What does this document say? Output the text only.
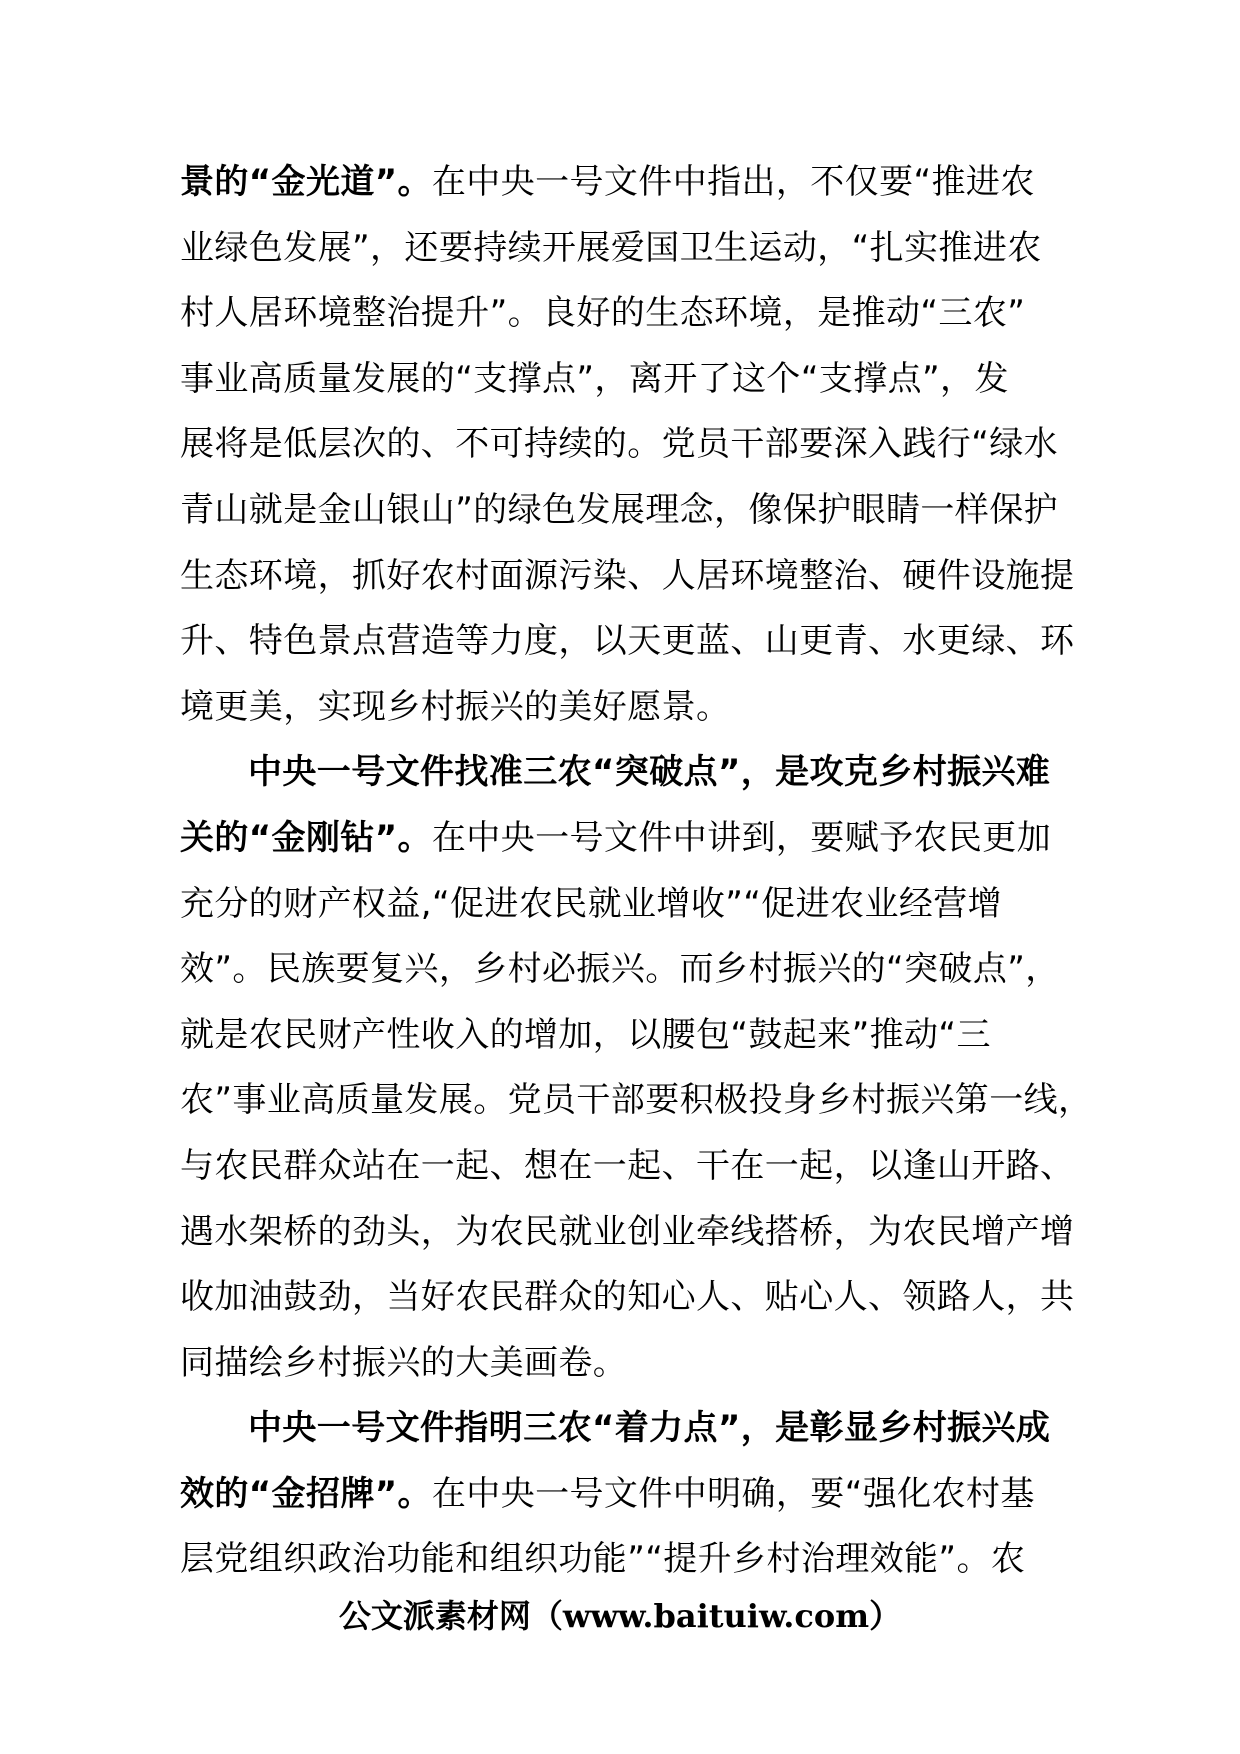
景的“金光道”。在中央一号文件中指出，不仅要“推进农
业绿色发展”，还要持续开展爱国卫生运动，“扎实推进农
村人居环境整治提升”。良好的生态环境，是推动“三农”
事业高质量发展的“支撑点”，离开了这个“支撑点”，发
展将是低层次的、不可持续的。党员干部要深入践行“绿水
青山就是金山银山”的绿色发展理念，像保护眼睛一样保护
生态环境，抓好农村面源污染、人居环境整治、硬件设施提
升、特色景点营造等力度，以天更蓝、山更青、水更绿、环
境更美，实现乡村振兴的美好愿景。
中央一号文件找准三农“突破点”，是攻克乡村振兴难
关的“金刚钻”。在中央一号文件中讲到，要赋予农民更加
充分的财产权益,“促进农民就业增收”“促进农业经营增
效”。民族要复兴，乡村必振兴。而乡村振兴的“突破点”，
就是农民财产性收入的增加，以腰包“鼓起来”推动“三
农”事业高质量发展。党员干部要积极投身乡村振兴第一线，
与农民群众站在一起、想在一起、干在一起，以逢山开路、
遇水架桥的劲头，为农民就业创业牵线搭桥，为农民增产增
收加油鼓劲，当好农民群众的知心人、贴心人、领路人，共
同描绘乡村振兴的大美画卷。
中央一号文件指明三农“着力点”，是彰显乡村振兴成
效的“金招牌”。在中央一号文件中明确，要“强化农村基
层党组织政治功能和组织功能”“提升乡村治理效能”。农
公文派素材网（www.baituiw.com）
